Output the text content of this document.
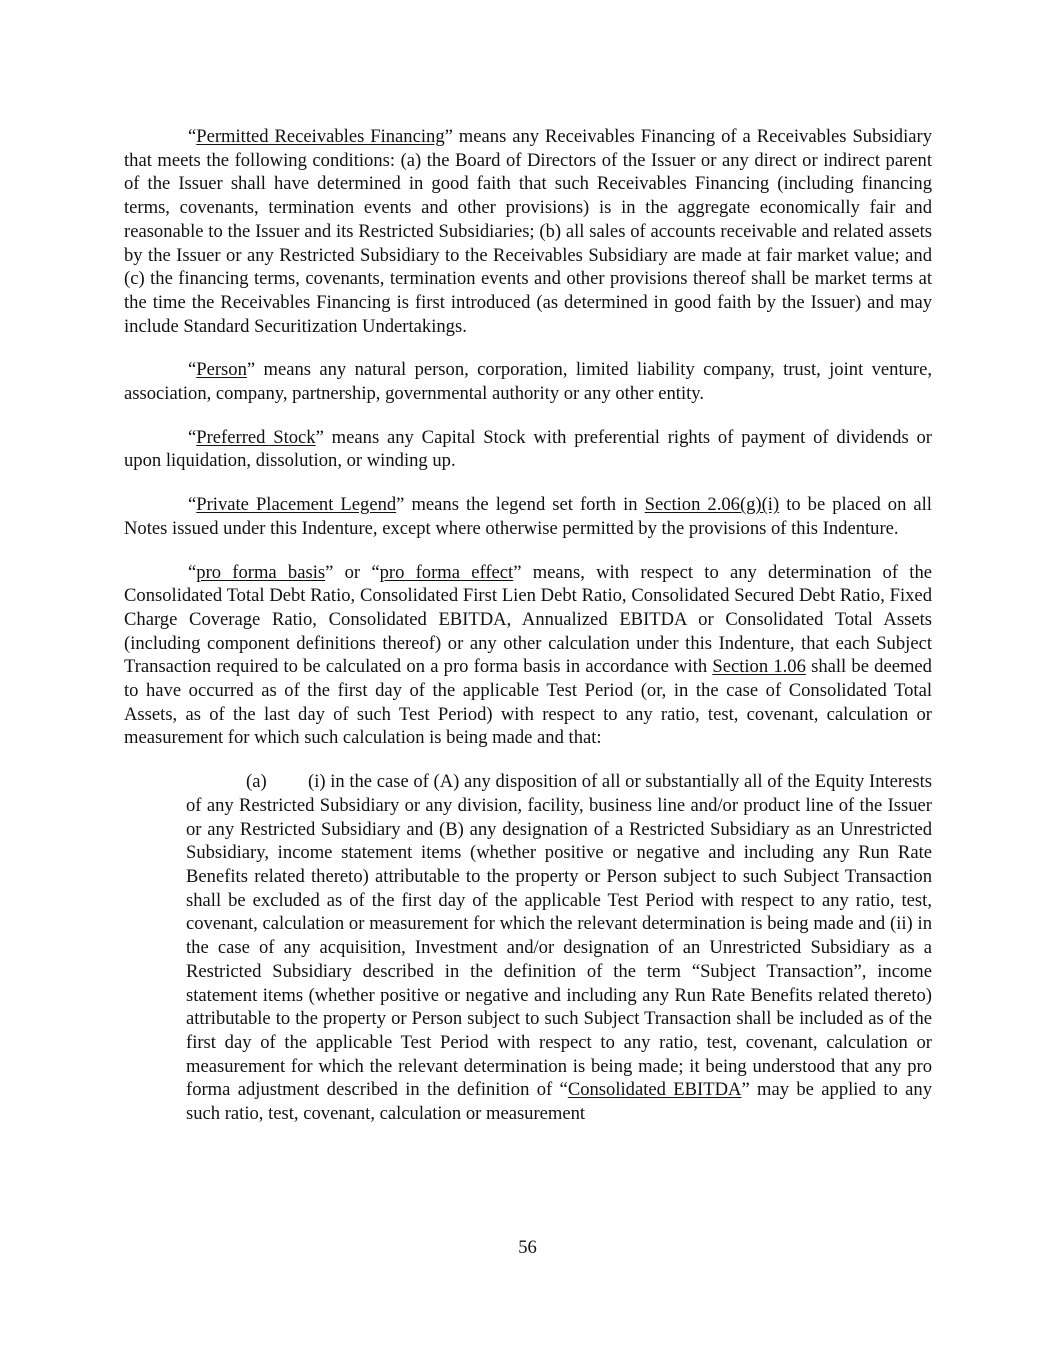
“Permitted Receivables Financing” means any Receivables Financing of a Receivables Subsidiary that meets the following conditions: (a) the Board of Directors of the Issuer or any direct or indirect parent of the Issuer shall have determined in good faith that such Receivables Financing (including financing terms, covenants, termination events and other provisions) is in the aggregate economically fair and reasonable to the Issuer and its Restricted Subsidiaries; (b) all sales of accounts receivable and related assets by the Issuer or any Restricted Subsidiary to the Receivables Subsidiary are made at fair market value; and (c) the financing terms, covenants, termination events and other provisions thereof shall be market terms at the time the Receivables Financing is first introduced (as determined in good faith by the Issuer) and may include Standard Securitization Undertakings.

“Person” means any natural person, corporation, limited liability company, trust, joint venture, association, company, partnership, governmental authority or any other entity.

“Preferred Stock” means any Capital Stock with preferential rights of payment of dividends or upon liquidation, dissolution, or winding up.

“Private Placement Legend” means the legend set forth in Section 2.06(g)(i) to be placed on all Notes issued under this Indenture, except where otherwise permitted by the provisions of this Indenture.

“pro forma basis” or “pro forma effect” means, with respect to any determination of the Consolidated Total Debt Ratio, Consolidated First Lien Debt Ratio, Consolidated Secured Debt Ratio, Fixed Charge Coverage Ratio, Consolidated EBITDA, Annualized EBITDA or Consolidated Total Assets (including component definitions thereof) or any other calculation under this Indenture, that each Subject Transaction required to be calculated on a pro forma basis in accordance with Section 1.06 shall be deemed to have occurred as of the first day of the applicable Test Period (or, in the case of Consolidated Total Assets, as of the last day of such Test Period) with respect to any ratio, test, covenant, calculation or measurement for which such calculation is being made and that:

(a) (i) in the case of (A) any disposition of all or substantially all of the Equity Interests of any Restricted Subsidiary or any division, facility, business line and/or product line of the Issuer or any Restricted Subsidiary and (B) any designation of a Restricted Subsidiary as an Unrestricted Subsidiary, income statement items (whether positive or negative and including any Run Rate Benefits related thereto) attributable to the property or Person subject to such Subject Transaction shall be excluded as of the first day of the applicable Test Period with respect to any ratio, test, covenant, calculation or measurement for which the relevant determination is being made and (ii) in the case of any acquisition, Investment and/or designation of an Unrestricted Subsidiary as a Restricted Subsidiary described in the definition of the term “Subject Transaction”, income statement items (whether positive or negative and including any Run Rate Benefits related thereto) attributable to the property or Person subject to such Subject Transaction shall be included as of the first day of the applicable Test Period with respect to any ratio, test, covenant, calculation or measurement for which the relevant determination is being made; it being understood that any pro forma adjustment described in the definition of “Consolidated EBITDA” may be applied to any such ratio, test, covenant, calculation or measurement

56
